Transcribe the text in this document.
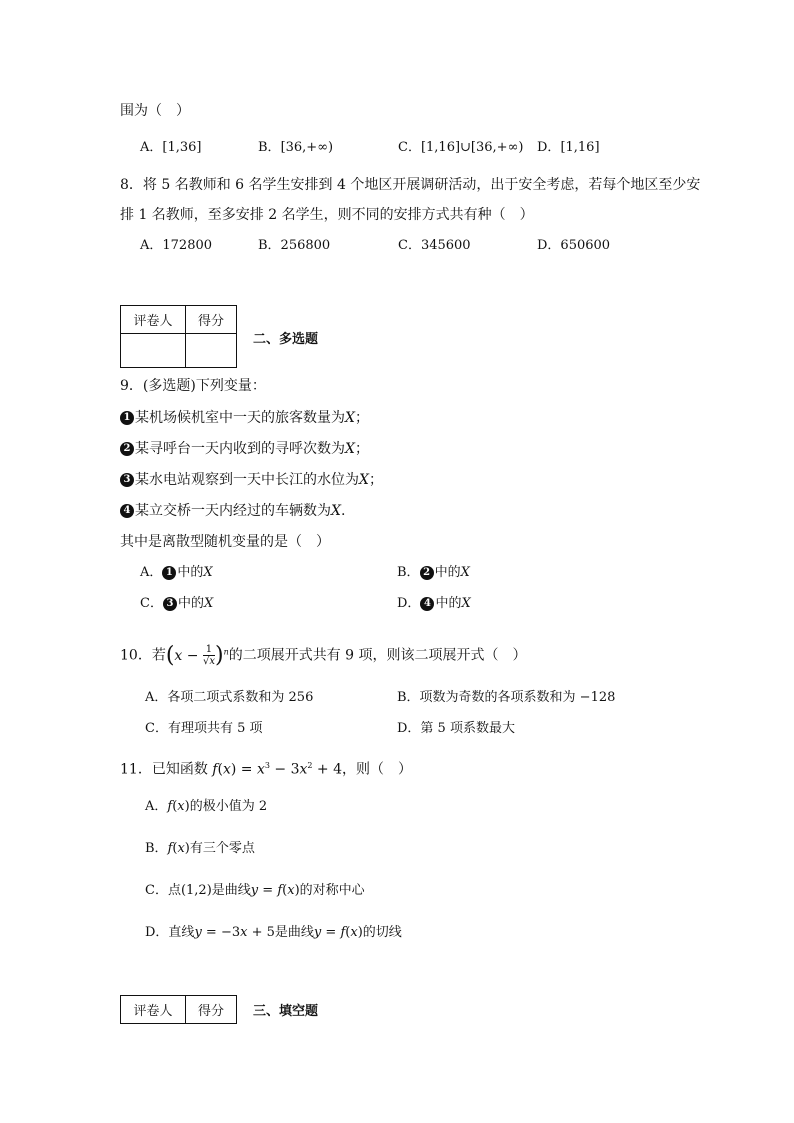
围为（　）
A．[1,36]	B．[36,+∞)	C．[1,16]∪[36,+∞) D．[1,16]
8．将 5 名教师和 6 名学生安排到 4 个地区开展调研活动，出于安全考虑，若每个地区至少安
排 1 名教师，至多安排 2 名学生，则不同的安排方式共有种（　）
A．172800	B．256800	C．345600	D．650600
评卷人	得分

二、多选题
9．(多选题)下列变量：
1 某机场候机室中一天的旅客数量为X；
2 某寻呼台一天内收到的寻呼次数为X；
3 某水电站观察到一天中长江的水位为X；
4 某立交桥一天内经过的车辆数为X.
其中是离散型随机变量的是（　）
A． 1 中的X	B． 2 中的X
C． 3 中的X	D． 4 中的X
10．若$(x - \frac{1}{√x} )^n$的二项展开式共有 9 项，则该二项展开式（　）
A．各项二项式系数和为 256	B．项数为奇数的各项系数和为 −128
C．有理项共有 5 项	D．第 5 项系数最大
11．已知函数 $f(x) = x^3 - 3x^2 + 4$，则（　）
A．f(x)的极小值为 2
B．f(x)有三个零点
C．点(1,2)是曲线y = f(x)的对称中心
D．直线y = −3x + 5是曲线y = f(x)的切线
评卷人	得分 三、填空题
